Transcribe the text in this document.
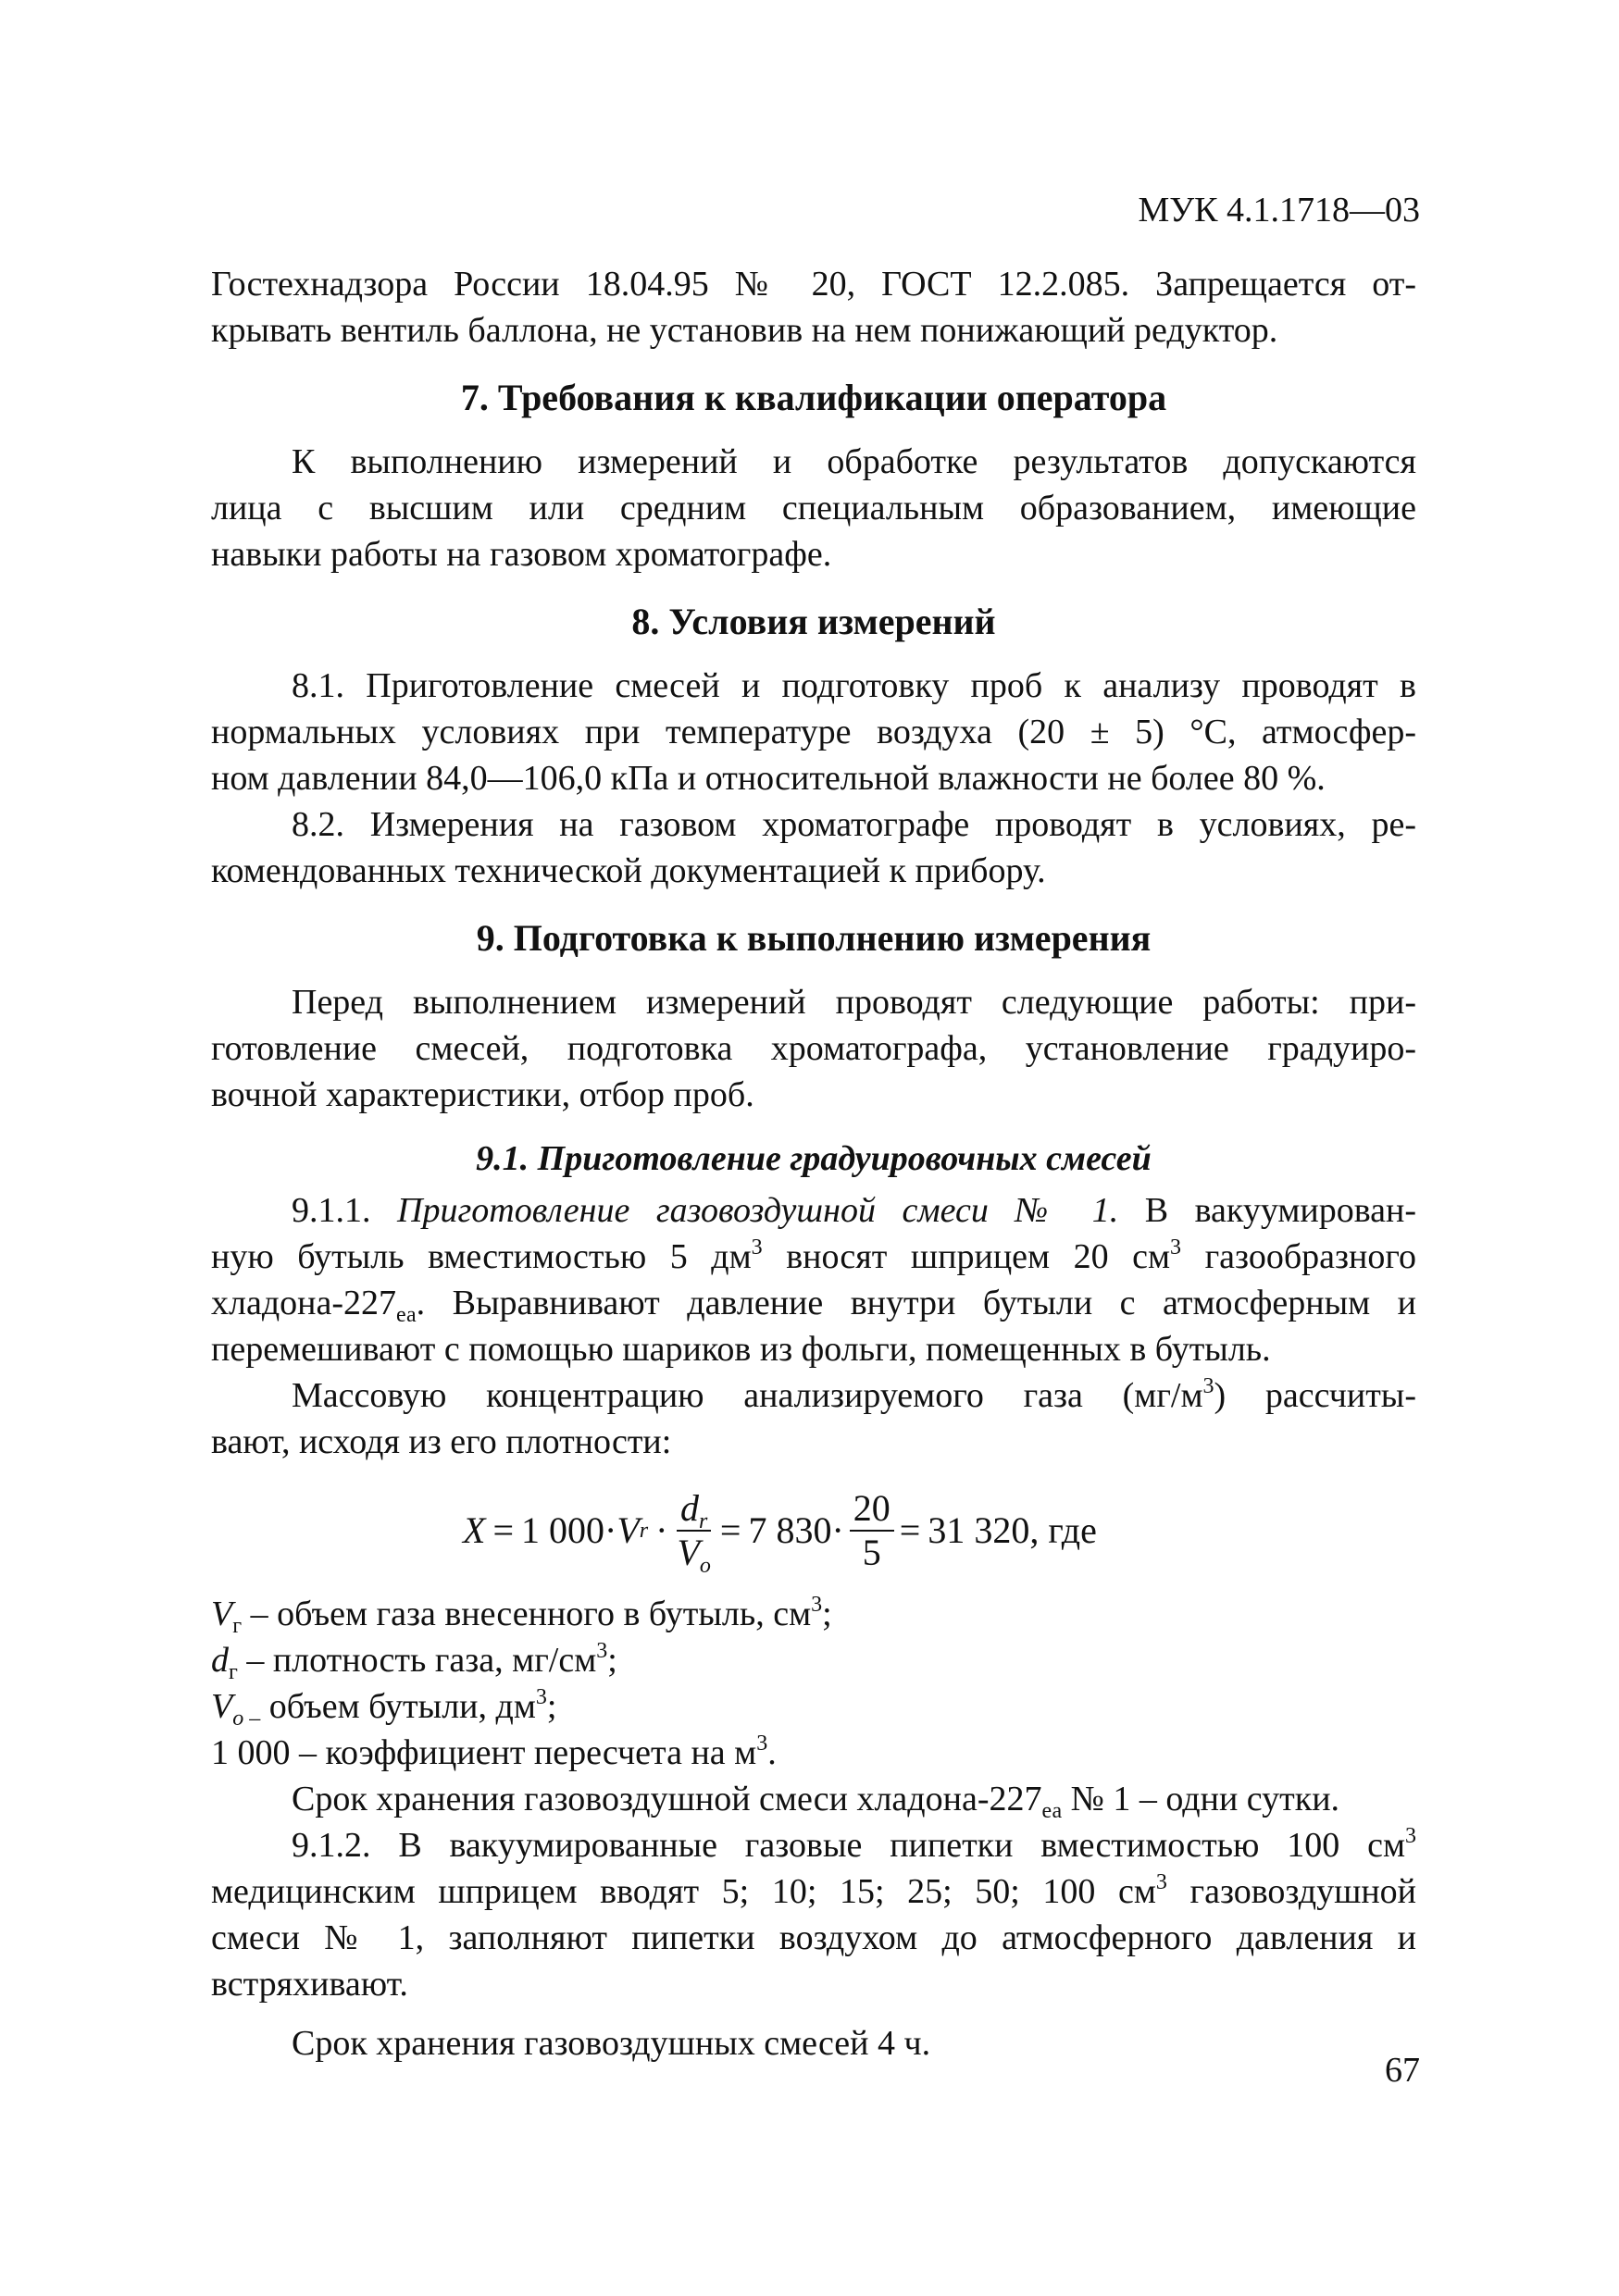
МУК 4.1.1718—03

Гостехнадзора России 18.04.95 № 20, ГОСТ 12.2.085. Запрещается от-

крывать вентиль баллона, не установив на нем понижающий редуктор.

7. Требования к квалификации оператора

К выполнению измерений и обработке результатов допускаются

лица с высшим или средним специальным образованием, имеющие

навыки работы на газовом хроматографе.

8. Условия измерений

8.1. Приготовление смесей и подготовку проб к анализу проводят в

нормальных условиях при температуре воздуха (20 ± 5) °С, атмосфер-

ном давлении 84,0—106,0 кПа и относительной влажности не более 80 %.

8.2. Измерения на газовом хроматографе проводят в условиях, ре-

комендованных технической документацией к прибору.

9. Подготовка к выполнению измерения

Перед выполнением измерений проводят следующие работы: при-

готовление смесей, подготовка хроматографа, установление градуиро-

вочной характеристики, отбор проб.

9.1. Приготовление градуировочных смесей

9.1.1. Приготовление газовоздушной смеси № 1. В вакуумирован-

ную бутыль вместимостью 5 $дм^3$ вносят шприцем 20 $см^3$ газообразного

хладона-$227_{еа}$. Выравнивают давление внутри бутыли с атмосферным и

перемешивают с помощью шариков из фольги, помещенных в бутыль.

Массовую концентрацию анализируемого газа $(мг/м^3)$ рассчиты-

вают, исходя из его плотности:

X = 1 000 · V $r \cdot \frac{d_r}{V_o} = 7$ $830 \cdot \frac{20}{5} = 31$ 320 , где

$V_г$ – объем газа внесенного в бутыль, $см^3$;

$d_г$ – плотность газа, $мг/см^3$;

$V_{о -}$ объем бутыли, $дм^3$;

1 000 – коэффициент пересчета на $м^3$.

Срок хранения газовоздушной смеси хладона-$227_{еа}$ № 1 – одни сутки.

9.1.2. В вакуумированные газовые пипетки вместимостью 100 $см^3$

медицинским шприцем вводят 5; 10; 15; 25; 50; 100 $см^3$ газовоздушной

смеси № 1, заполняют пипетки воздухом до атмосферного давления и

встряхивают.

Срок хранения газовоздушных смесей 4 ч.

67
